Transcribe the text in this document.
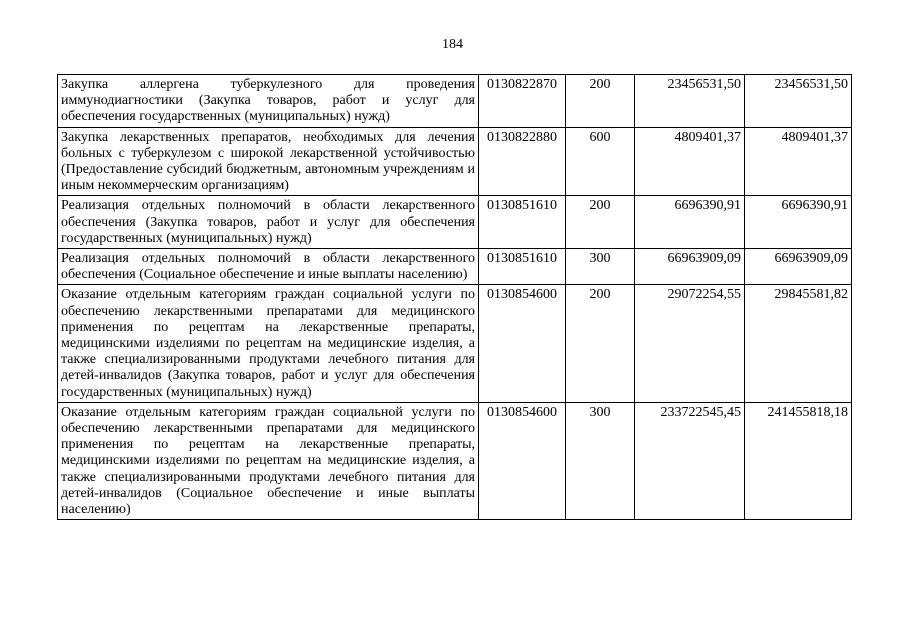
184
Закупка аллергена туберкулезного для проведения иммунодиагностики (Закупка товаров, работ и услуг для обеспечения государственных (муниципальных) нужд)	0130822870	200	23456531,50	23456531,50
Закупка лекарственных препаратов, необходимых для лечения больных с туберкулезом с широкой лекарственной устойчивостью (Предоставление субсидий бюджетным, автономным учреждениям и иным некоммерческим организациям)	0130822880	600	4809401,37	4809401,37
Реализация отдельных полномочий в области лекарственного обеспечения (Закупка товаров, работ и услуг для обеспечения государственных (муниципальных) нужд)	0130851610	200	6696390,91	6696390,91
Реализация отдельных полномочий в области лекарственного обеспечения (Социальное обеспечение и иные выплаты населению)	0130851610	300	66963909,09	66963909,09
Оказание отдельным категориям граждан социальной услуги по обеспечению лекарственными препаратами для медицинского применения по рецептам на лекарственные препараты, медицинскими изделиями по рецептам на медицинские изделия, а также специализированными продуктами лечебного питания для детей-инвалидов (Закупка товаров, работ и услуг для обеспечения государственных (муниципальных) нужд)	0130854600	200	29072254,55	29845581,82
Оказание отдельным категориям граждан социальной услуги по обеспечению лекарственными препаратами для медицинского применения по рецептам на лекарственные препараты, медицинскими изделиями по рецептам на медицинские изделия, а также специализированными продуктами лечебного питания для детей-инвалидов (Социальное обеспечение и иные выплаты населению)	0130854600	300	233722545,45	241455818,18
